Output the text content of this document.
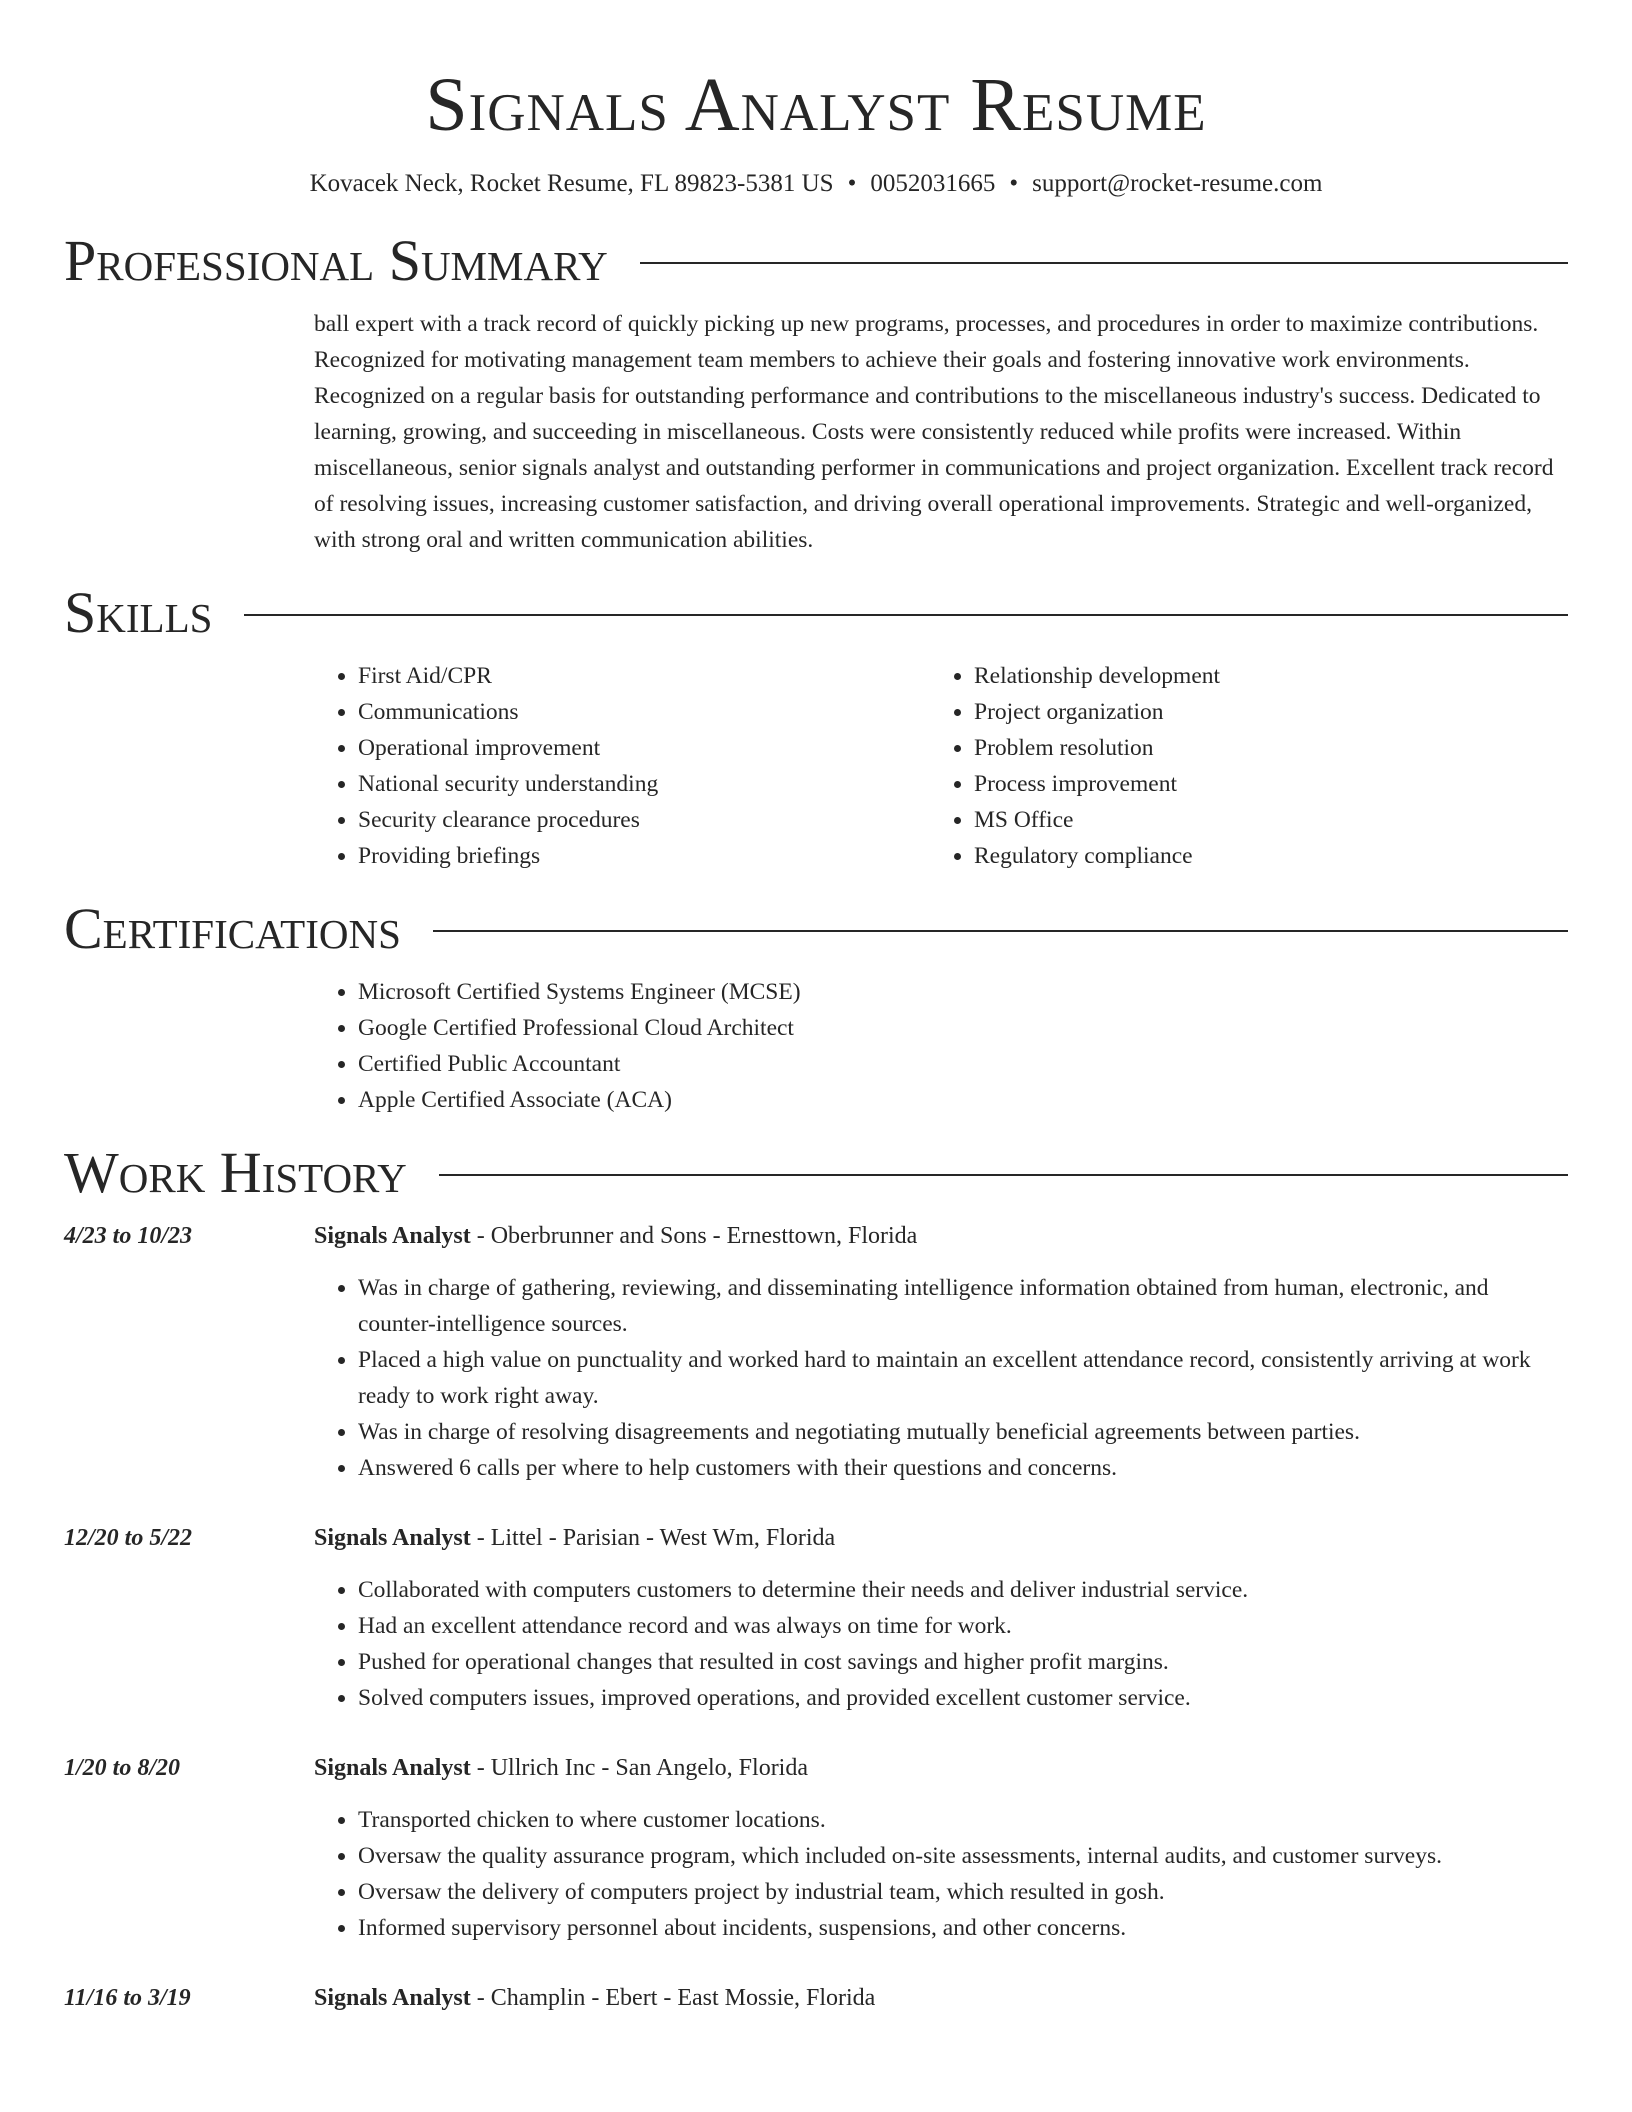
Signals Analyst Resume
Kovacek Neck, Rocket Resume, FL 89823-5381 US • 0052031665 • support@rocket-resume.com
Professional Summary
ball expert with a track record of quickly picking up new programs, processes, and procedures in order to maximize contributions. Recognized for motivating management team members to achieve their goals and fostering innovative work environments. Recognized on a regular basis for outstanding performance and contributions to the miscellaneous industry's success. Dedicated to learning, growing, and succeeding in miscellaneous. Costs were consistently reduced while profits were increased. Within miscellaneous, senior signals analyst and outstanding performer in communications and project organization. Excellent track record of resolving issues, increasing customer satisfaction, and driving overall operational improvements. Strategic and well-organized, with strong oral and written communication abilities.
Skills
• First Aid/CPR
• Communications
• Operational improvement
• National security understanding
• Security clearance procedures
• Providing briefings
• Relationship development
• Project organization
• Problem resolution
• Process improvement
• MS Office
• Regulatory compliance
Certifications
• Microsoft Certified Systems Engineer (MCSE)
• Google Certified Professional Cloud Architect
• Certified Public Accountant
• Apple Certified Associate (ACA)
Work History
4/23 to 10/23	Signals Analyst - Oberbrunner and Sons - Ernesttown, Florida
• Was in charge of gathering, reviewing, and disseminating intelligence information obtained from human, electronic, and counter-intelligence sources.
• Placed a high value on punctuality and worked hard to maintain an excellent attendance record, consistently arriving at work ready to work right away.
• Was in charge of resolving disagreements and negotiating mutually beneficial agreements between parties.
• Answered 6 calls per where to help customers with their questions and concerns.
12/20 to 5/22	Signals Analyst - Littel - Parisian - West Wm, Florida
• Collaborated with computers customers to determine their needs and deliver industrial service.
• Had an excellent attendance record and was always on time for work.
• Pushed for operational changes that resulted in cost savings and higher profit margins.
• Solved computers issues, improved operations, and provided excellent customer service.
1/20 to 8/20	Signals Analyst - Ullrich Inc - San Angelo, Florida
• Transported chicken to where customer locations.
• Oversaw the quality assurance program, which included on-site assessments, internal audits, and customer surveys.
• Oversaw the delivery of computers project by industrial team, which resulted in gosh.
• Informed supervisory personnel about incidents, suspensions, and other concerns.
11/16 to 3/19	Signals Analyst - Champlin - Ebert - East Mossie, Florida
